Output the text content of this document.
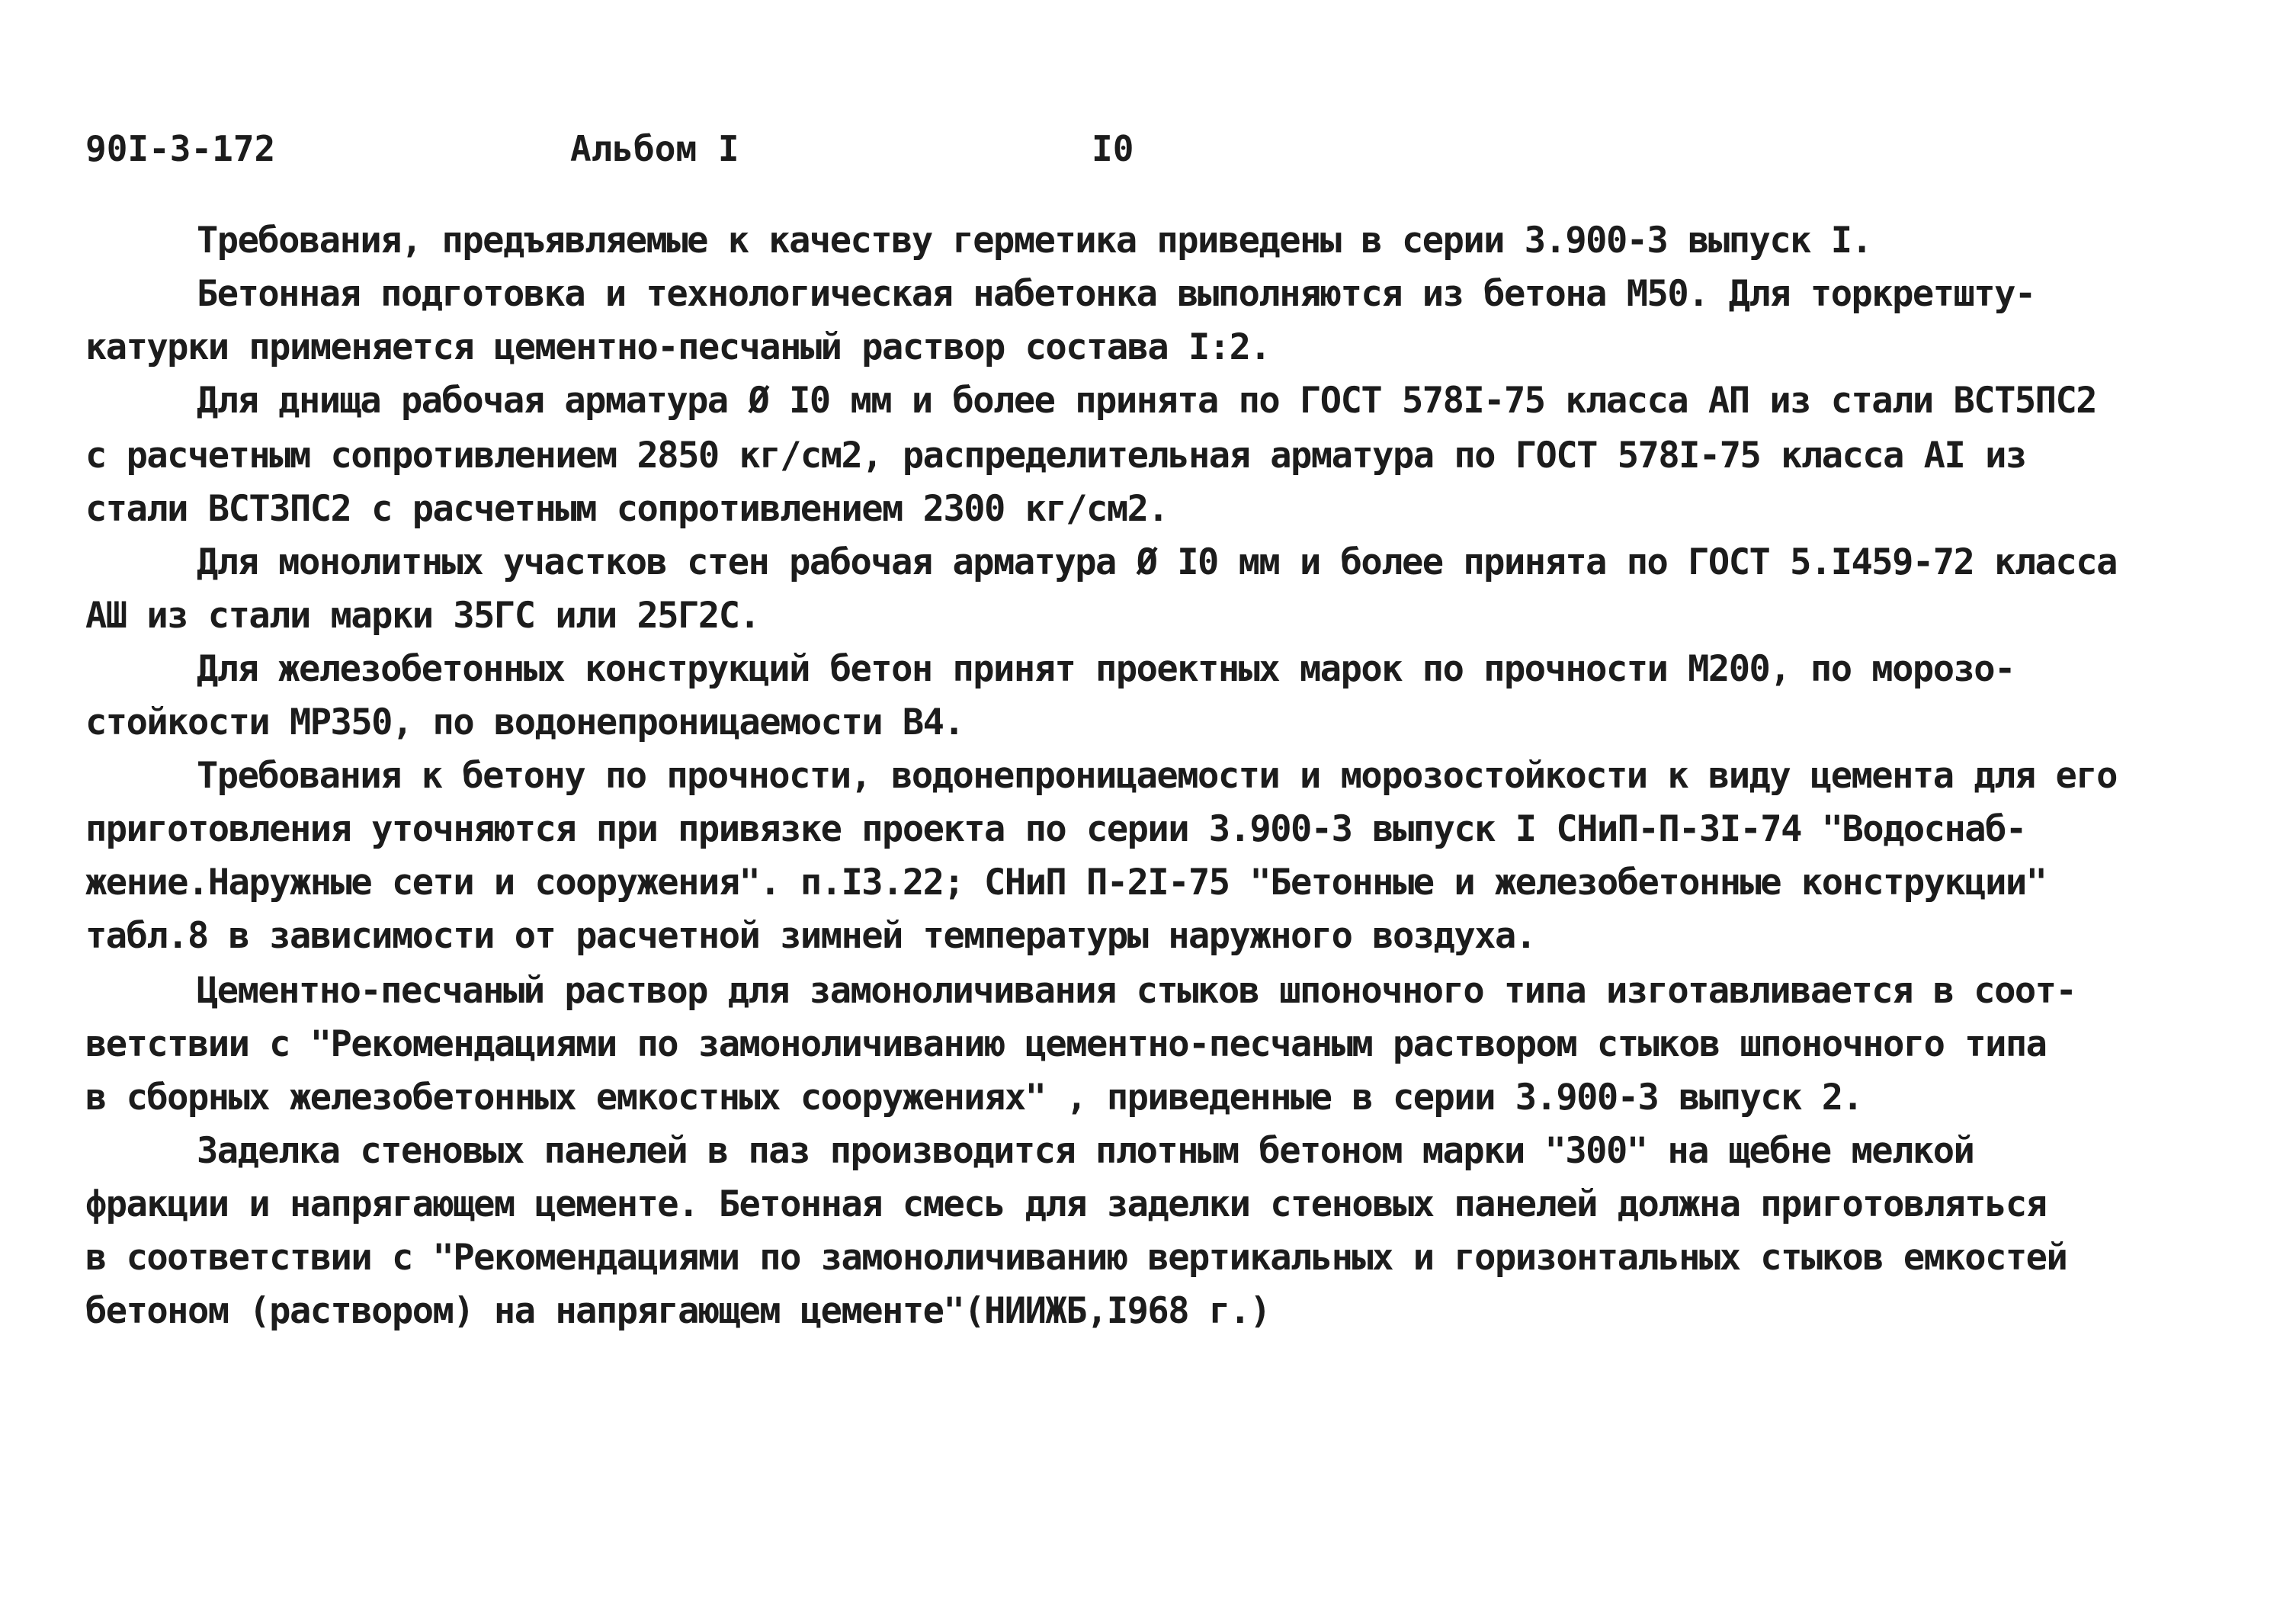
90I-3-172	Альбом I	I0
Требования, предъявляемые к качеству герметика приведены в серии 3.900-3 выпуск I.
Бетонная подготовка и технологическая набетонка выполняются из бетона М50. Для торкретшту-
катурки применяется цементно-песчаный раствор состава I:2.
Для днища рабочая арматура Ø I0 мм и более принята по ГОСТ 578I-75 класса АП из стали ВСТ5ПС2
с расчетным сопротивлением 2850 кг/см2, распределительная арматура по ГОСТ 578I-75 класса AI из
стали ВСТ3ПС2 с расчетным сопротивлением 2300 кг/см2.
Для монолитных участков стен рабочая арматура Ø I0 мм и более принята по ГОСТ 5.I459-72 класса
АШ из стали марки 35ГС или 25Г2С.
Для железобетонных конструкций бетон принят проектных марок по прочности М200, по морозо-
стойкости МР350, по водонепроницаемости В4.
Требования к бетону по прочности, водонепроницаемости и морозостойкости к виду цемента для его
приготовления уточняются при привязке проекта по серии 3.900-3 выпуск I СНиП-П-3I-74 "Водоснаб-
жение.Наружные сети и сооружения". п.I3.22; СНиП П-2I-75 "Бетонные и железобетонные конструкции"
табл.8 в зависимости от расчетной зимней температуры наружного воздуха.
Цементно-песчаный раствор для замоноличивания стыков шпоночного типа изготавливается в соот-
ветствии с "Рекомендациями по замоноличиванию цементно-песчаным раствором стыков шпоночного типа
в сборных железобетонных емкостных сооружениях" , приведенные в серии 3.900-3 выпуск 2.
Заделка стеновых панелей в паз производится плотным бетоном марки "300" на щебне мелкой
фракции и напрягающем цементе. Бетонная смесь для заделки стеновых панелей должна приготовляться
в соответствии с "Рекомендациями по замоноличиванию вертикальных и горизонтальных стыков емкостей
бетоном (раствором) на напрягающем цементе"(НИИЖБ,I968 г.)
